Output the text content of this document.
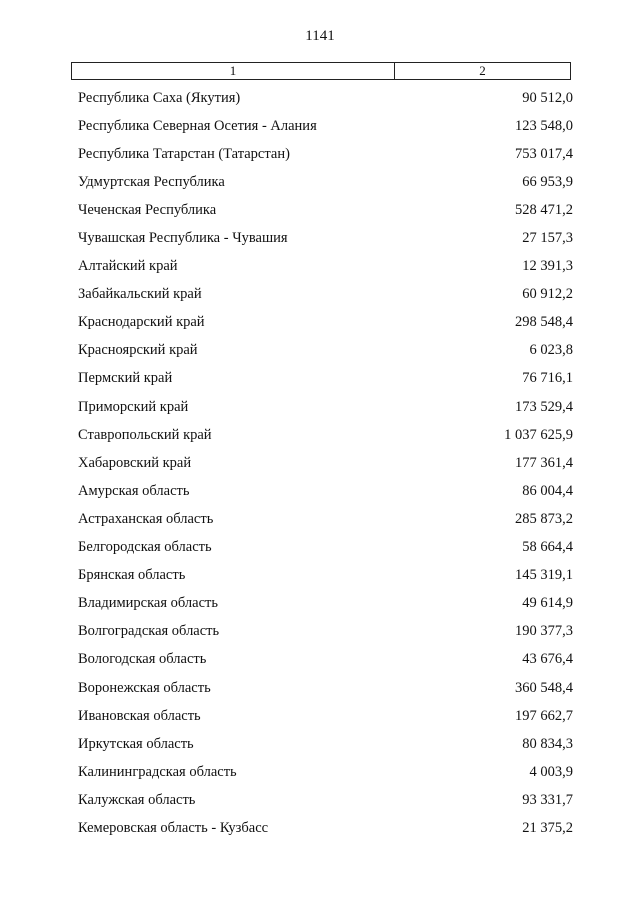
1141
1	2
Республика Саха (Якутия)	90 512,0
Республика Северная Осетия - Алания	123 548,0
Республика Татарстан (Татарстан)	753 017,4
Удмуртская Республика	66 953,9
Чеченская Республика	528 471,2
Чувашская Республика - Чувашия	27 157,3
Алтайский край	12 391,3
Забайкальский край	60 912,2
Краснодарский край	298 548,4
Красноярский край	6 023,8
Пермский край	76 716,1
Приморский край	173 529,4
Ставропольский край	1 037 625,9
Хабаровский край	177 361,4
Амурская область	86 004,4
Астраханская область	285 873,2
Белгородская область	58 664,4
Брянская область	145 319,1
Владимирская область	49 614,9
Волгоградская область	190 377,3
Вологодская область	43 676,4
Воронежская область	360 548,4
Ивановская область	197 662,7
Иркутская область	80 834,3
Калининградская область	4 003,9
Калужская область	93 331,7
Кемеровская область - Кузбасс	21 375,2
